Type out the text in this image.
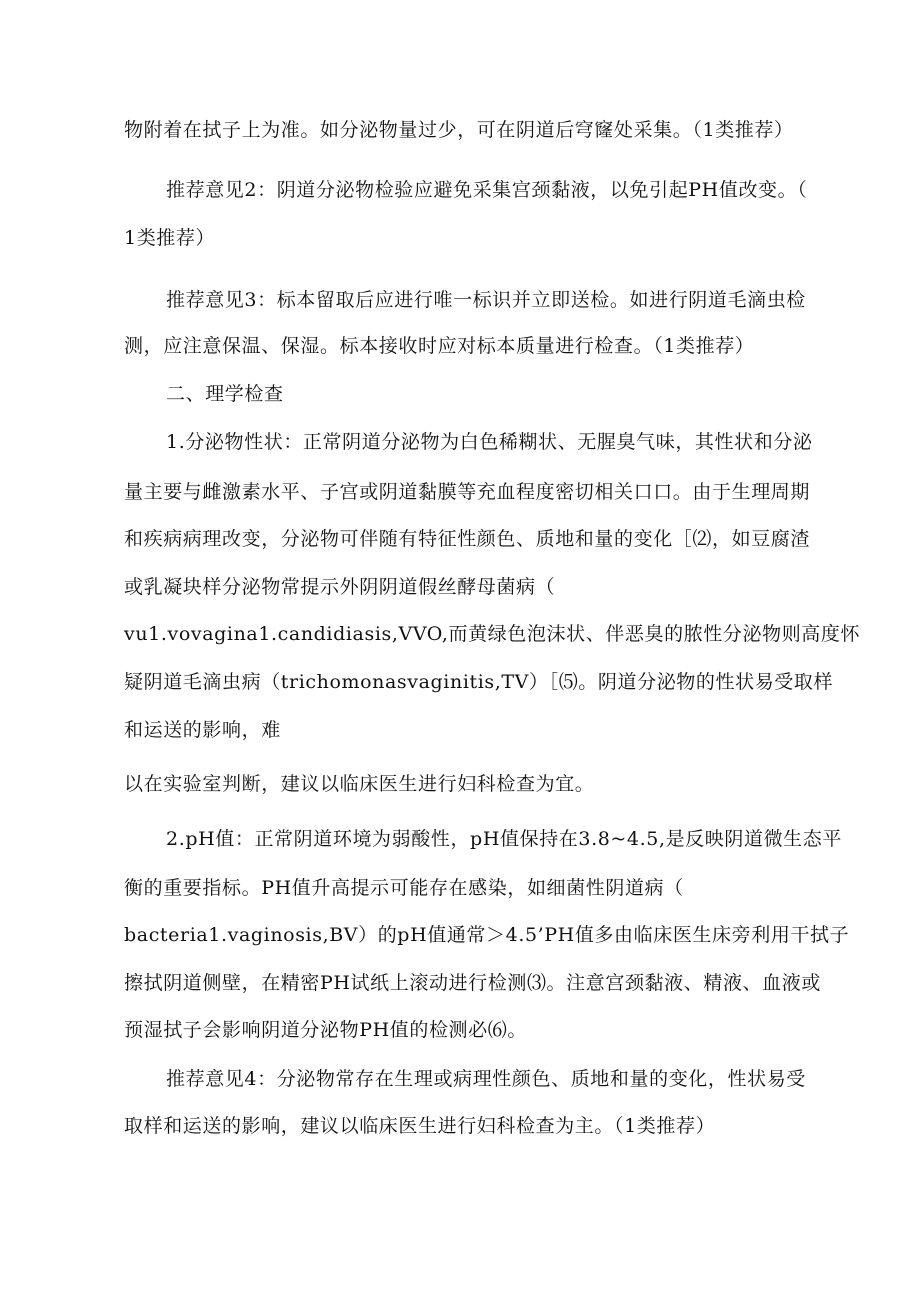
物附着在拭子上为准。如分泌物量过少，可在阴道后穹窿处采集。（1类推荐）
推荐意见2：阴道分泌物检验应避免采集宫颈黏液，以免引起PH值改变。（
1类推荐）
推荐意见3：标本留取后应进行唯一标识并立即送检。如进行阴道毛滴虫检
测，应注意保温、保湿。标本接收时应对标本质量进行检查。（1类推荐）
二、理学检查
1.分泌物性状：正常阴道分泌物为白色稀糊状、无腥臭气味，其性状和分泌
量主要与雌激素水平、子宫或阴道黏膜等充血程度密切相关口口。由于生理周期
和疾病病理改变，分泌物可伴随有特征性颜色、质地和量的变化［⑵，如豆腐渣
或乳凝块样分泌物常提示外阴阴道假丝酵母菌病（
vu1.vovagina1.candidiasis,VVO,而黄绿色泡沫状、伴恶臭的脓性分泌物则高度怀
疑阴道毛滴虫病（trichomonasvaginitis,TV）［⑸。阴道分泌物的性状易受取样
和运送的影响，难
以在实验室判断，建议以临床医生进行妇科检查为宜。
2.pH值：正常阴道环境为弱酸性，pH值保持在3.8~4.5,是反映阴道微生态平
衡的重要指标。PH值升高提示可能存在感染，如细菌性阴道病（
bacteria1.vaginosis,BV）的pH值通常＞4.5’PH值多由临床医生床旁利用干拭子
擦拭阴道侧壁，在精密PH试纸上滚动进行检测⑶。注意宫颈黏液、精液、血液或
预湿拭子会影响阴道分泌物PH值的检测必⑹。
推荐意见4：分泌物常存在生理或病理性颜色、质地和量的变化，性状易受
取样和运送的影响，建议以临床医生进行妇科检查为主。（1类推荐）
